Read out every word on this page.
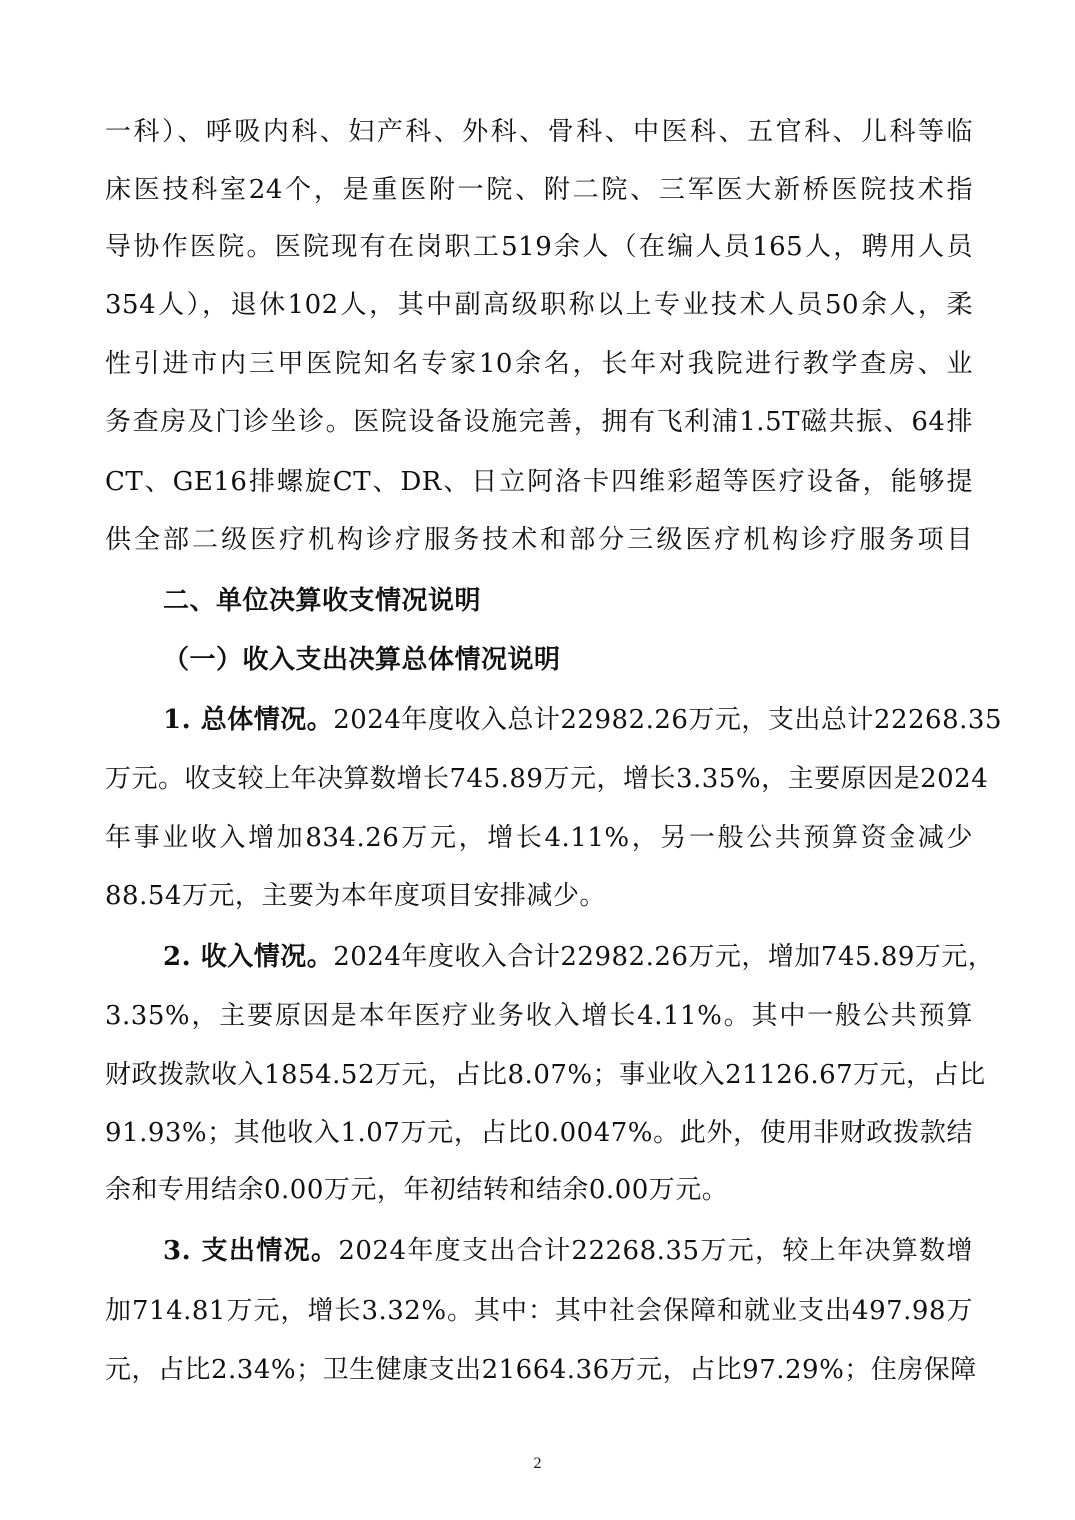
一科）、呼吸内科、妇产科、外科、骨科、中医科、五官科、儿科等临
床医技科室24个，是重医附一院、附二院、三军医大新桥医院技术指
导协作医院。医院现有在岗职工519余人（在编人员165人，聘用人员
354人），退休102人，其中副高级职称以上专业技术人员50余人，柔
性引进市内三甲医院知名专家10余名，长年对我院进行教学查房、业
务查房及门诊坐诊。医院设备设施完善，拥有飞利浦1.5T磁共振、64排
CT、GE16排螺旋CT、DR、日立阿洛卡四维彩超等医疗设备，能够提
供全部二级医疗机构诊疗服务技术和部分三级医疗机构诊疗服务项目
二、单位决算收支情况说明
（一）收入支出决算总体情况说明
1. 总体情况。2024年度收入总计22982.26万元，支出总计22268.35
万元。收支较上年决算数增长745.89万元，增长3.35%，主要原因是2024
年事业收入增加834.26万元，增长4.11%，另一般公共预算资金减少
88.54万元，主要为本年度项目安排减少。
2. 收入情况。2024年度收入合计22982.26万元，增加745.89万元，
3.35%，主要原因是本年医疗业务收入增长4.11%。其中一般公共预算
财政拨款收入1854.52万元，占比8.07%；事业收入21126.67万元，占比
91.93%；其他收入1.07万元，占比0.0047%。此外，使用非财政拨款结
余和专用结余0.00万元，年初结转和结余0.00万元。
3. 支出情况。2024年度支出合计22268.35万元，较上年决算数增
加714.81万元，增长3.32%。其中：其中社会保障和就业支出497.98万
元，占比2.34%；卫生健康支出21664.36万元，占比97.29%；住房保障
2
